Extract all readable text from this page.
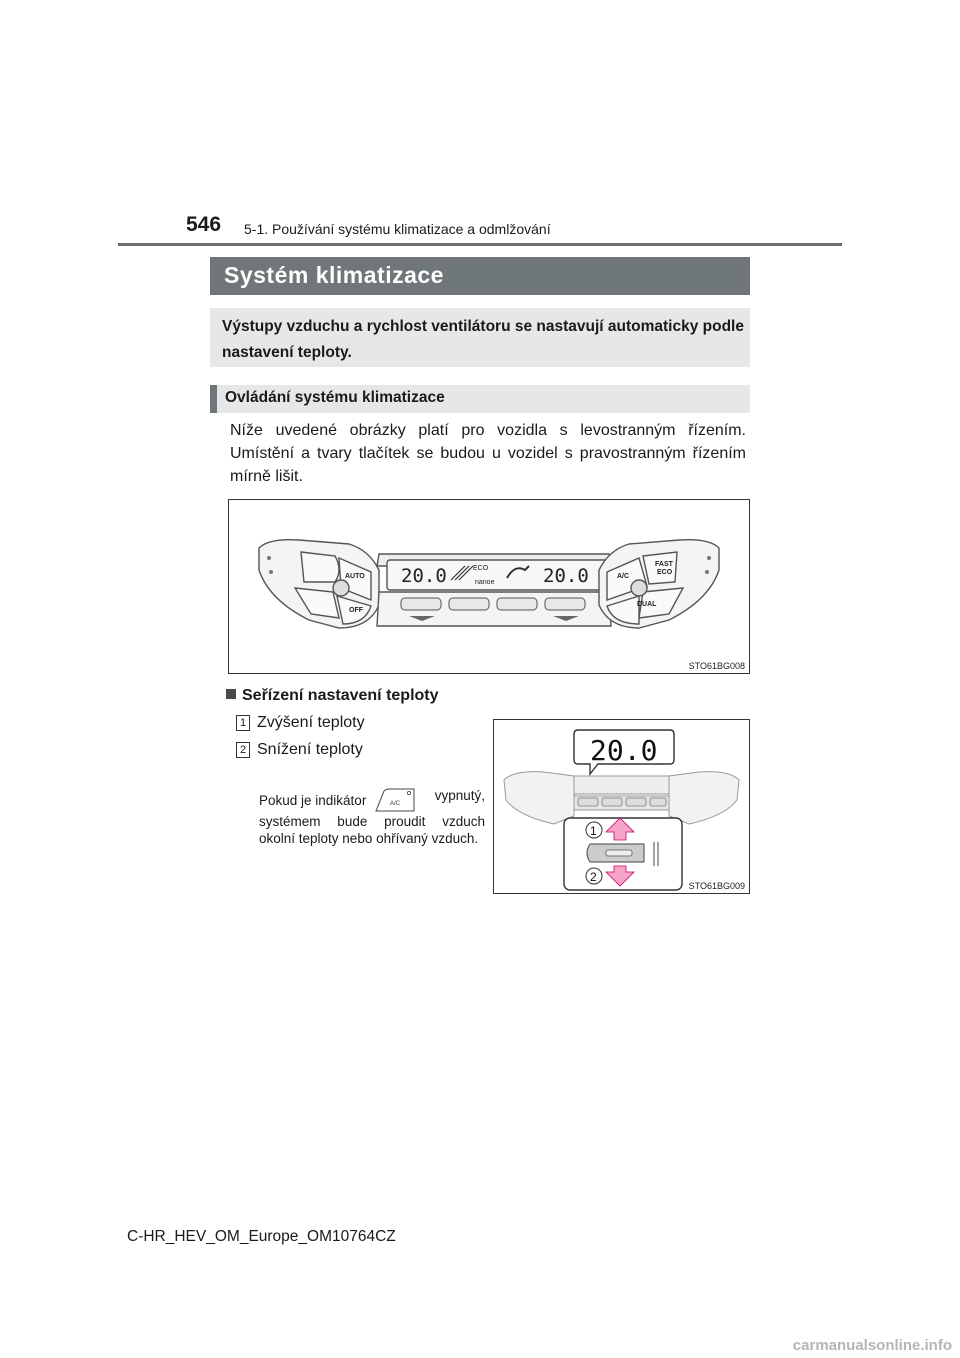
546 5-1. Používání systému klimatizace a odmlžování
Systém klimatizace
Výstupy vzduchu a rychlost ventilátoru se nastavují automaticky podle nastavení teploty.
Ovládání systému klimatizace
Níže uvedené obrázky platí pro vozidla s levostranným řízením. Umístění a tvary tlačítek se budou u vozidel s pravostranným řízením mírně lišit.
20.0	20.0
ECO
nanoe
AUTO
OFF
A/C
FAST
ECO
DUAL
STO61BG008
Seřízení nastavení teploty
1 Zvýšení teploty
2 Snížení teploty
Pokud je indikátor	A/C
vypnutý,
systémem bude proudit vzduch okolní teploty nebo ohřívaný vzduch.
20.0
1
2
STO61BG009
C-HR_HEV_OM_Europe_OM10764CZ
carmanualsonline.info
